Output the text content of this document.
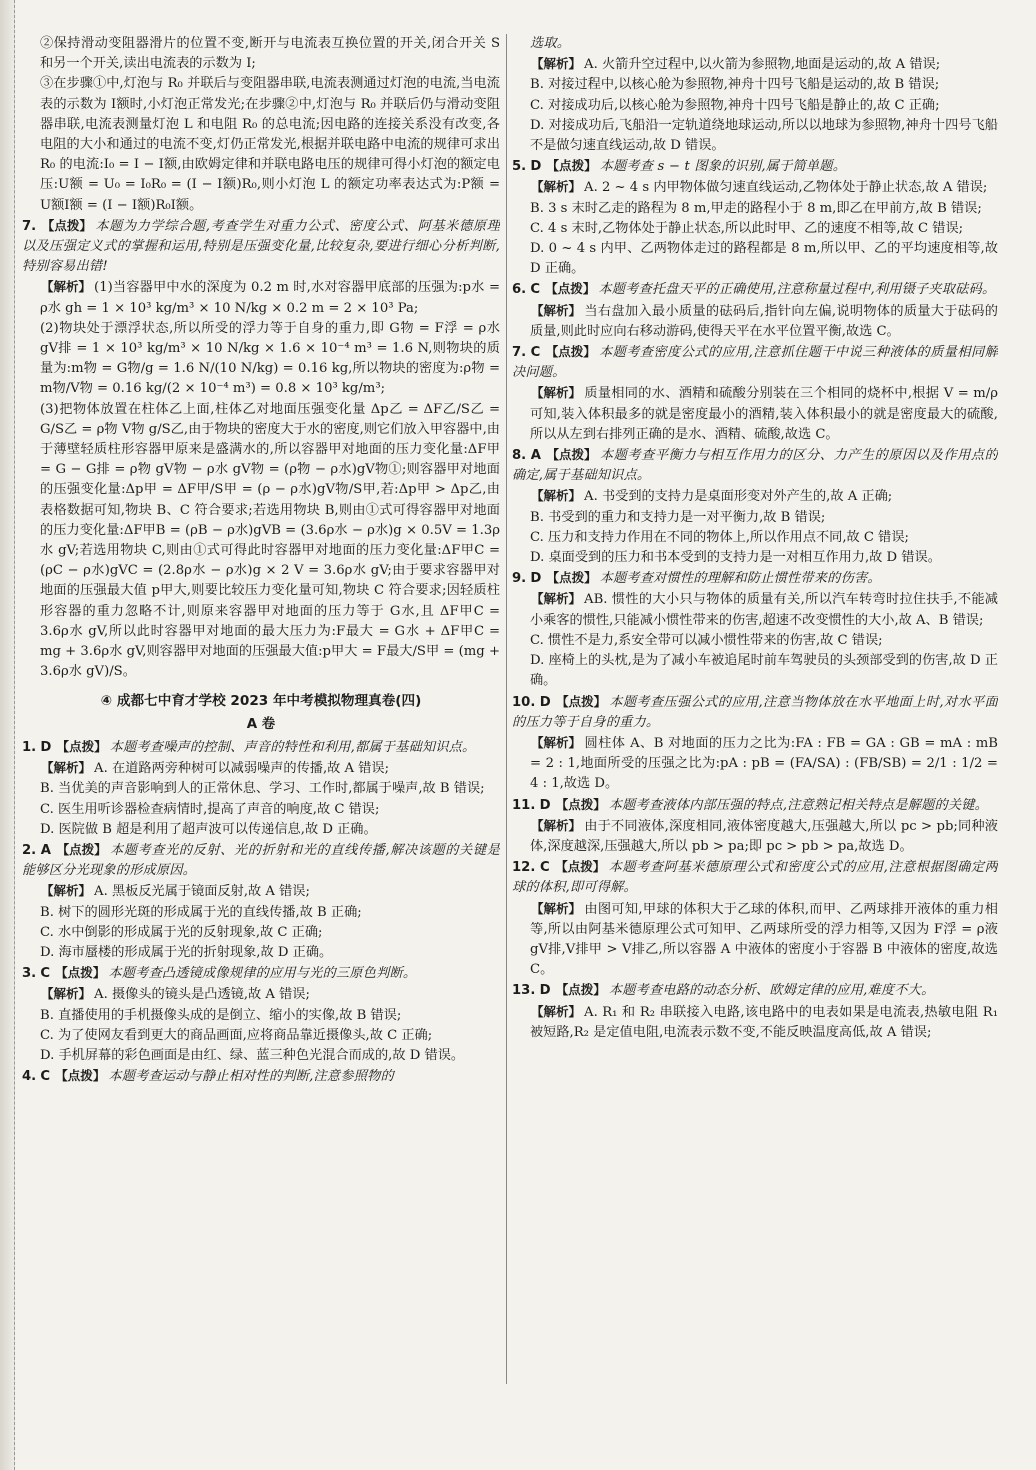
②保持滑动变阻器滑片的位置不变,断开与电流表互换位置的开关,闭合开关 S 和另一个开关,读出电流表的示数为 I;

③在步骤①中,灯泡与 R₀ 并联后与变阻器串联,电流表测通过灯泡的电流,当电流表的示数为 I额时,小灯泡正常发光;在步骤②中,灯泡与 R₀ 并联后仍与滑动变阻器串联,电流表测量灯泡 L 和电阻 R₀ 的总电流;因电路的连接关系没有改变,各电阻的大小和通过的电流不变,灯仍正常发光,根据并联电路中电流的规律可求出 R₀ 的电流:I₀ = I − I额,由欧姆定律和并联电路电压的规律可得小灯泡的额定电压:U额 = U₀ = I₀R₀ = (I − I额)R₀,则小灯泡 L 的额定功率表达式为:P额 = U额I额 = (I − I额)R₀I额。

7. 【 点拨 】 本题为力学综合题,考查学生对重力公式、密度公式、阿基米德原理以及压强定义式的掌握和运用,特别是压强变化量,比较复杂,要进行细心分析判断,特别容易出错!

【 解析 】 (1)当容器甲中水的深度为 0.2 m 时,水对容器甲底部的压强为:p水 = ρ水 gh = 1 × 10³ kg/m³ × 10 N/kg × 0.2 m = 2 × 10³ Pa;

(2)物块处于漂浮状态,所以所受的浮力等于自身的重力,即 G物 = F浮 = ρ水 gV排 = 1 × 10³ kg/m³ × 10 N/kg × 1.6 × 10⁻⁴ m³ = 1.6 N,则物块的质量为:m物 = G物/g = 1.6 N/(10 N/kg) = 0.16 kg,所以物块的密度为:ρ物 = m物/V物 = 0.16 kg/(2 × 10⁻⁴ m³) = 0.8 × 10³ kg/m³;

(3)把物体放置在柱体乙上面,柱体乙对地面压强变化量 Δp乙 = ΔF乙/S乙 = G/S乙 = ρ物 V物 g/S乙,由于物块的密度大于水的密度,则它们放入甲容器中,由于薄壁轻质柱形容器甲原来是盛满水的,所以容器甲对地面的压力变化量:ΔF甲 = G − G排 = ρ物 gV物 − ρ水 gV物 = (ρ物 − ρ水)gV物①;则容器甲对地面的压强变化量:Δp甲 = ΔF甲/S甲 = (ρ − ρ水)gV物/S甲,若:Δp甲 > Δp乙,由表格数据可知,物块 B、C 符合要求;若选用物块 B,则由①式可得容器甲对地面的压力变化量:ΔF甲B = (ρB − ρ水)gVB = (3.6ρ水 − ρ水)g × 0.5V = 1.3ρ水 gV;若选用物块 C,则由①式可得此时容器甲对地面的压力变化量:ΔF甲C = (ρC − ρ水)gVC = (2.8ρ水 − ρ水)g × 2 V = 3.6ρ水 gV;由于要求容器甲对地面的压强最大值 p甲大,则要比较压力变化量可知,物块 C 符合要求;因轻质柱形容器的重力忽略不计,则原来容器甲对地面的压力等于 G水,且 ΔF甲C = 3.6ρ水 gV,所以此时容器甲对地面的最大压力为:F最大 = G水 + ΔF甲C = mg + 3.6ρ水 gV,则容器甲对地面的压强最大值:p甲大 = F最大/S甲 = (mg + 3.6ρ水 gV)/S。

④ 成都七中育才学校 2023 年中考模拟物理真卷(四)
A 卷

1. D 【 点拨 】 本题考查噪声的控制、声音的特性和利用,都属于基础知识点。

【 解析 】 A. 在道路两旁种树可以减弱噪声的传播,故 A 错误;

B. 当优美的声音影响到人的正常休息、学习、工作时,都属于噪声,故 B 错误;

C. 医生用听诊器检查病情时,提高了声音的响度,故 C 错误;

D. 医院做 B 超是利用了超声波可以传递信息,故 D 正确。

2. A 【 点拨 】 本题考查光的反射、光的折射和光的直线传播,解决该题的关键是能够区分光现象的形成原因。

【 解析 】 A. 黑板反光属于镜面反射,故 A 错误;

B. 树下的圆形光斑的形成属于光的直线传播,故 B 正确;

C. 水中倒影的形成属于光的反射现象,故 C 正确;

D. 海市蜃楼的形成属于光的折射现象,故 D 正确。

3. C 【 点拨 】 本题考查凸透镜成像规律的应用与光的三原色判断。

【 解析 】 A. 摄像头的镜头是凸透镜,故 A 错误;

B. 直播使用的手机摄像头成的是倒立、缩小的实像,故 B 错误;

C. 为了使网友看到更大的商品画面,应将商品靠近摄像头,故 C 正确;

D. 手机屏幕的彩色画面是由红、绿、蓝三种色光混合而成的,故 D 错误。

4. C 【 点拨 】 本题考查运动与静止相对性的判断,注意参照物的

选取。

【 解析 】 A. 火箭升空过程中,以火箭为参照物,地面是运动的,故 A 错误;

B. 对接过程中,以核心舱为参照物,神舟十四号飞船是运动的,故 B 错误;

C. 对接成功后,以核心舱为参照物,神舟十四号飞船是静止的,故 C 正确;

D. 对接成功后,飞船沿一定轨道绕地球运动,所以以地球为参照物,神舟十四号飞船不是做匀速直线运动,故 D 错误。

5. D 【 点拨 】 本题考查 s − t 图象的识别,属于简单题。

【 解析 】 A. 2 ~ 4 s 内甲物体做匀速直线运动,乙物体处于静止状态,故 A 错误;

B. 3 s 末时乙走的路程为 8 m,甲走的路程小于 8 m,即乙在甲前方,故 B 错误;

C. 4 s 末时,乙物体处于静止状态,所以此时甲、乙的速度不相等,故 C 错误;

D. 0 ~ 4 s 内甲、乙两物体走过的路程都是 8 m,所以甲、乙的平均速度相等,故 D 正确。

6. C 【 点拨 】 本题考查托盘天平的正确使用,注意称量过程中,利用镊子夹取砝码。

【 解析 】 当右盘加入最小质量的砝码后,指针向左偏,说明物体的质量大于砝码的质量,则此时应向右移动游码,使得天平在水平位置平衡,故选 C。

7. C 【 点拨 】 本题考查密度公式的应用,注意抓住题干中说三种液体的质量相同解决问题。

【 解析 】 质量相同的水、酒精和硫酸分别装在三个相同的烧杯中,根据 V = m/ρ 可知,装入体积最多的就是密度最小的酒精,装入体积最小的就是密度最大的硫酸,所以从左到右排列正确的是水、酒精、硫酸,故选 C。

8. A 【 点拨 】 本题考查平衡力与相互作用力的区分、力产生的原因以及作用点的确定,属于基础知识点。

【 解析 】 A. 书受到的支持力是桌面形变对外产生的,故 A 正确;

B. 书受到的重力和支持力是一对平衡力,故 B 错误;

C. 压力和支持力作用在不同的物体上,所以作用点不同,故 C 错误;

D. 桌面受到的压力和书本受到的支持力是一对相互作用力,故 D 错误。

9. D 【 点拨 】 本题考查对惯性的理解和防止惯性带来的伤害。

【 解析 】 AB. 惯性的大小只与物体的质量有关,所以汽车转弯时拉住扶手,不能减小乘客的惯性,只能减小惯性带来的伤害,超速不改变惯性的大小,故 A、B 错误;

C. 惯性不是力,系安全带可以减小惯性带来的伤害,故 C 错误;

D. 座椅上的头枕,是为了减小车被追尾时前车驾驶员的头颈部受到的伤害,故 D 正确。

10. D 【 点拨 】 本题考查压强公式的应用,注意当物体放在水平地面上时,对水平面的压力等于自身的重力。

【 解析 】 圆柱体 A、B 对地面的压力之比为:FA : FB = GA : GB = mA : mB = 2 : 1,地面所受的压强之比为:pA : pB = (FA/SA) : (FB/SB) = 2/1 : 1/2 = 4 : 1,故选 D。

11. D 【 点拨 】 本题考查液体内部压强的特点,注意熟记相关特点是解题的关键。

【 解析 】 由于不同液体,深度相同,液体密度越大,压强越大,所以 pc > pb;同种液体,深度越深,压强越大,所以 pb > pa;即 pc > pb > pa,故选 D。

12. C 【 点拨 】 本题考查阿基米德原理公式和密度公式的应用,注意根据图确定两球的体积,即可得解。

【 解析 】 由图可知,甲球的体积大于乙球的体积,而甲、乙两球排开液体的重力相等,所以由阿基米德原理公式可知甲、乙两球所受的浮力相等,又因为 F浮 = ρ液 gV排,V排甲 > V排乙,所以容器 A 中液体的密度小于容器 B 中液体的密度,故选 C。

13. D 【 点拨 】 本题考查电路的动态分析、欧姆定律的应用,难度不大。

【 解析 】 A. R₁ 和 R₂ 串联接入电路,该电路中的电表如果是电流表,热敏电阻 R₁ 被短路,R₂ 是定值电阻,电流表示数不变,不能反映温度高低,故 A 错误;
